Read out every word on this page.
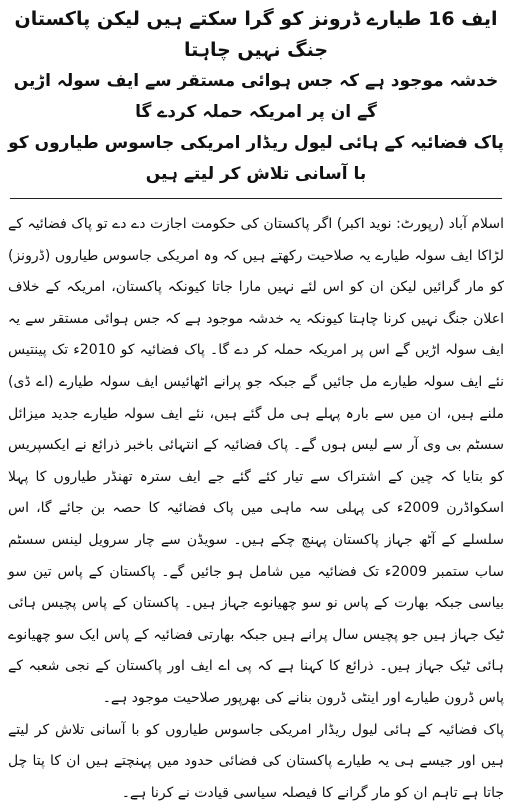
ایف 16 طیارے ڈرونز کو گرا سکتے ہیں لیکن پاکستان جنگ نہیں چاہتا
خدشہ موجود ہے کہ جس ہوائی مستقر سے ایف سولہ اڑیں گے ان پر امریکہ حملہ کردے گا
پاک فضائیہ کے ہائی لیول ریڈار امریکی جاسوس طیاروں کو با آسانی تلاش کر لیتے ہیں

اسلام آباد (رپورٹ: نوید اکبر) اگر پاکستان کی حکومت اجازت دے دے تو پاک فضائیہ کے لڑاکا ایف سولہ طیارے یہ صلاحیت رکھتے ہیں کہ وہ امریکی جاسوس طیاروں (ڈرونز) کو مار گرائیں لیکن ان کو اس لئے نہیں مارا جاتا کیونکہ پاکستان، امریکہ کے خلاف اعلان جنگ نہیں کرنا چاہتا کیونکہ یہ خدشہ موجود ہے کہ جس ہوائی مستقر سے یہ ایف سولہ اڑیں گے اس پر امریکہ حملہ کر دے گا۔ پاک فضائیہ کو 2010ء تک پینتیس نئے ایف سولہ طیارے مل جائیں گے جبکہ جو پرانے اٹھائیس ایف سولہ طیارے (اے ڈی) ملنے ہیں، ان میں سے بارہ پہلے ہی مل گئے ہیں، نئے ایف سولہ طیارے جدید میزائل سسٹم بی وی آر سے لیس ہوں گے۔ پاک فضائیہ کے انتہائی باخبر ذرائع نے ایکسپریس کو بتایا کہ چین کے اشتراک سے تیار کئے گئے جے ایف سترہ تھنڈر طیاروں کا پہلا اسکواڈرن 2009ء کی پہلی سہ ماہی میں پاک فضائیہ کا حصہ بن جائے گا، اس سلسلے کے آٹھ جہاز پاکستان پہنچ چکے ہیں۔ سویڈن سے چار سرویل لینس سسٹم ساب ستمبر 2009ء تک فضائیہ میں شامل ہو جائیں گے۔ پاکستان کے پاس تین سو بیاسی جبکہ بھارت کے پاس نو سو چھیانوے جہاز ہیں۔ پاکستان کے پاس پچیس ہائی ٹیک جہاز ہیں جو پچیس سال پرانے ہیں جبکہ بھارتی فضائیہ کے پاس ایک سو چھیانوے ہائی ٹیک جہاز ہیں۔ ذرائع کا کہنا ہے کہ پی اے ایف اور پاکستان کے نجی شعبہ کے پاس ڈرون طیارے اور اینٹی ڈرون بنانے کی بھرپور صلاحیت موجود ہے۔

پاک فضائیہ کے ہائی لیول ریڈار امریکی جاسوس طیاروں کو با آسانی تلاش کر لیتے ہیں اور جیسے ہی یہ طیارے پاکستان کی فضائی حدود میں پہنچتے ہیں ان کا پتا چل جاتا ہے تاہم ان کو مار گرانے کا فیصلہ سیاسی قیادت نے کرنا ہے۔
